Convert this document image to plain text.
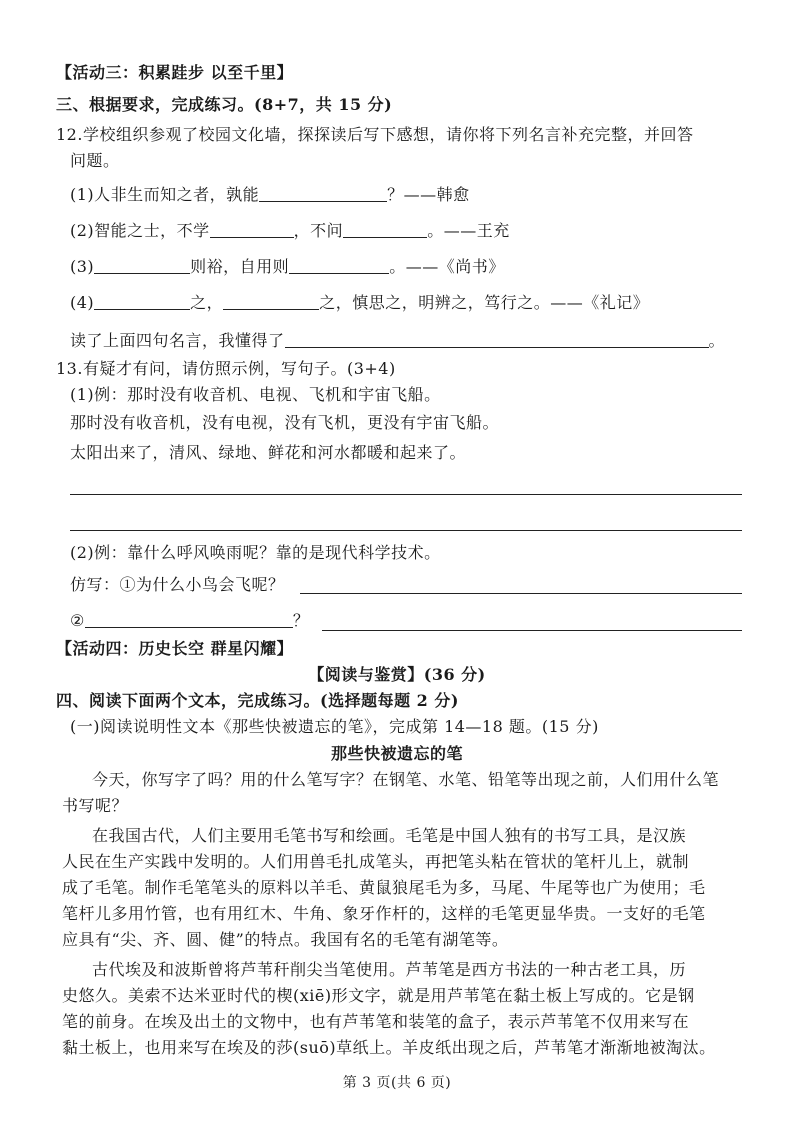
【活动三：积累跬步 以至千里】
三、根据要求，完成练习。(8+7，共 15 分)
12.学校组织参观了校园文化墙，探探读后写下感想，请你将下列名言补充完整，并回答
问题。
(1)人非生而知之者，孰能	？——韩愈
(2)智能之士，不学	，不问	。——王充
(3)	则裕，自用则	。——《尚书》
(4)	之，	之，慎思之，明辨之，笃行之。——《礼记》
读了上面四句名言，我懂得了	。
13.有疑才有问，请仿照示例，写句子。(3+4)
(1)例：那时没有收音机、电视、飞机和宇宙飞船。
那时没有收音机，没有电视，没有飞机，更没有宇宙飞船。
太阳出来了，清风、绿地、鲜花和河水都暖和起来了。
(2)例：靠什么呼风唤雨呢？靠的是现代科学技术。
仿写：①为什么小鸟会飞呢？
②	？
【活动四：历史长空 群星闪耀】
【阅读与鉴赏】(36 分)
四、阅读下面两个文本，完成练习。(选择题每题 2 分)
(一)阅读说明性文本《那些快被遗忘的笔》，完成第 14—18 题。(15 分)
那些快被遗忘的笔
今天，你写字了吗？用的什么笔写字？在钢笔、水笔、铅笔等出现之前，人们用什么笔
书写呢？
在我国古代，人们主要用毛笔书写和绘画。毛笔是中国人独有的书写工具，是汉族
人民在生产实践中发明的。人们用兽毛扎成笔头，再把笔头粘在管状的笔杆儿上，就制
成了毛笔。制作毛笔笔头的原料以羊毛、黄鼠狼尾毛为多，马尾、牛尾等也广为使用；毛
笔杆儿多用竹管，也有用红木、牛角、象牙作杆的，这样的毛笔更显华贵。一支好的毛笔
应具有“尖、齐、圆、健”的特点。我国有名的毛笔有湖笔等。
古代埃及和波斯曾将芦苇秆削尖当笔使用。芦苇笔是西方书法的一种古老工具，历
史悠久。美索不达米亚时代的楔(xiē)形文字，就是用芦苇笔在黏土板上写成的。它是钢
笔的前身。在埃及出土的文物中，也有芦苇笔和装笔的盒子，表示芦苇笔不仅用来写在
黏土板上，也用来写在埃及的莎(suō)草纸上。羊皮纸出现之后，芦苇笔才渐渐地被淘汰。
第 3 页(共 6 页)
